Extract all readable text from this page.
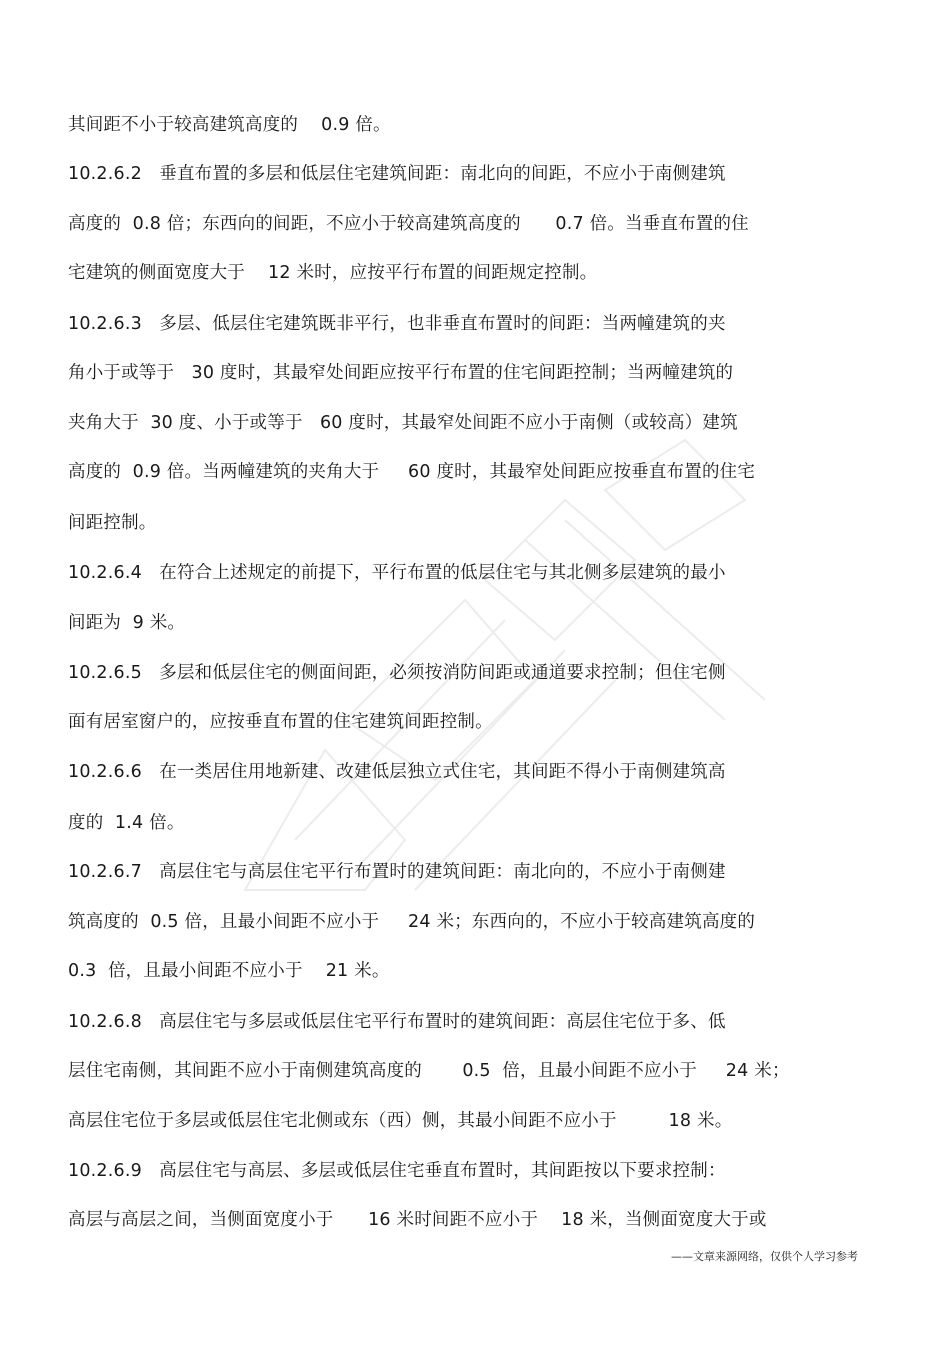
其间距不小于较高建筑高度的    0.9 倍。
10.2.6.2   垂直布置的多层和低层住宅建筑间距：南北向的间距，不应小于南侧建筑
高度的  0.8 倍；东西向的间距，不应小于较高建筑高度的      0.7 倍。当垂直布置的住
宅建筑的侧面宽度大于    12 米时，应按平行布置的间距规定控制。
10.2.6.3   多层、低层住宅建筑既非平行，也非垂直布置时的间距：当两幢建筑的夹
角小于或等于   30 度时，其最窄处间距应按平行布置的住宅间距控制；当两幢建筑的
夹角大于  30 度、小于或等于   60 度时，其最窄处间距不应小于南侧（或较高）建筑
高度的  0.9 倍。当两幢建筑的夹角大于     60 度时，其最窄处间距应按垂直布置的住宅
间距控制。
10.2.6.4   在符合上述规定的前提下，平行布置的低层住宅与其北侧多层建筑的最小
间距为  9 米。
10.2.6.5   多层和低层住宅的侧面间距，必须按消防间距或通道要求控制；但住宅侧
面有居室窗户的，应按垂直布置的住宅建筑间距控制。
10.2.6.6   在一类居住用地新建、改建低层独立式住宅，其间距不得小于南侧建筑高
度的  1.4 倍。
10.2.6.7   高层住宅与高层住宅平行布置时的建筑间距：南北向的，不应小于南侧建
筑高度的  0.5 倍，且最小间距不应小于     24 米；东西向的，不应小于较高建筑高度的
0.3  倍，且最小间距不应小于    21 米。
10.2.6.8   高层住宅与多层或低层住宅平行布置时的建筑间距：高层住宅位于多、低
层住宅南侧，其间距不应小于南侧建筑高度的       0.5  倍，且最小间距不应小于     24 米；
高层住宅位于多层或低层住宅北侧或东（西）侧，其最小间距不应小于         18 米。
10.2.6.9   高层住宅与高层、多层或低层住宅垂直布置时，其间距按以下要求控制：
高层与高层之间，当侧面宽度小于      16 米时间距不应小于    18 米，当侧面宽度大于或
——文章来源网络，仅供个人学习参考
